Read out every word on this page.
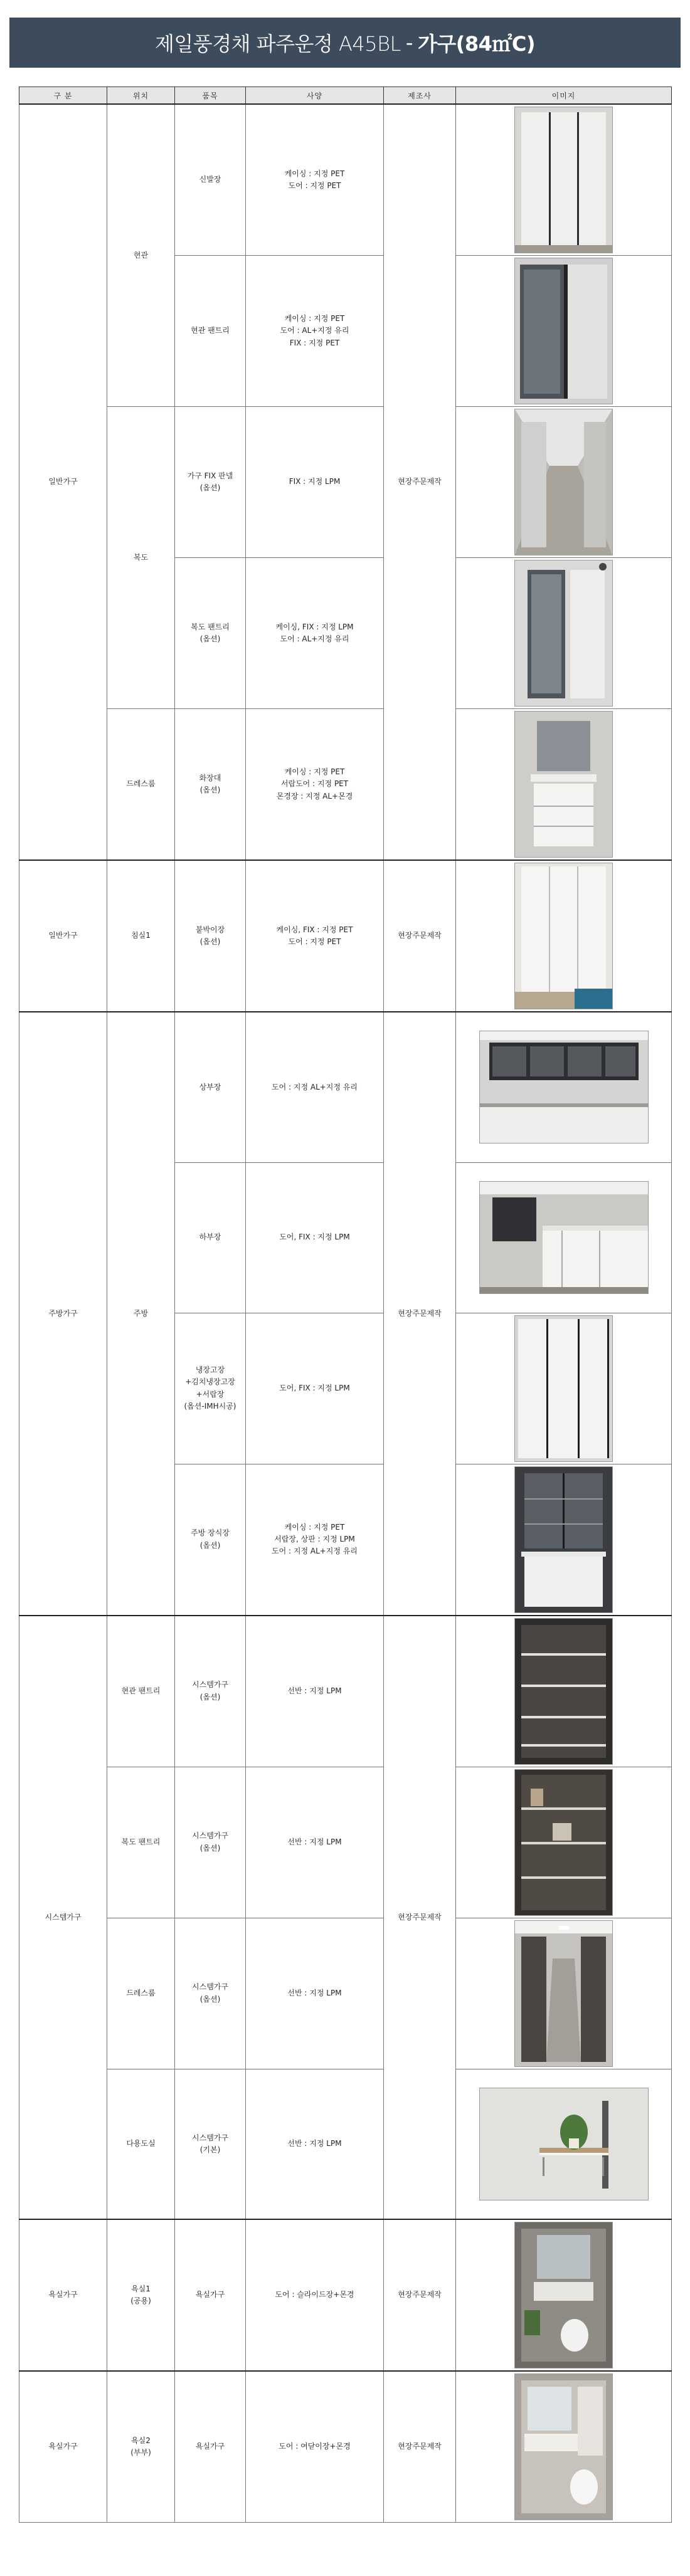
제일풍경채 파주운정 A45BL - 가구(84㎡C)
구 분	위치	품목	사양	제조사	이미지
일반가구	현관	신발장	케이싱 : 지정 PET
도어 : 지정 PET	현장주문제작	

		현관 팬트리	케이싱 : 지정 PET
도어 : AL+지정 유리
FIX : 지정 PET	

	복도	가구 FIX 판넬
(옵션)	FIX : 지정 LPM	

		복도 팬트리
(옵션)	케이싱, FIX : 지정 LPM
도어 : AL+지정 유리	

	드레스룸	화장대
(옵션)	케이싱 : 지정 PET
서랍도어 : 지정 PET
몬경장 : 지정 AL+몬경	

일반가구	침실1	붙박이장
(옵션)	케이싱, FIX : 지정 PET
도어 : 지정 PET	현장주문제작	

주방가구	주방	상부장	도어 : 지정 AL+지정 유리	현장주문제작	

		하부장	도어, FIX : 지정 LPM	

		냉장고장
+김치냉장고장
+서랍장
(옵션-IMH시공)	도어, FIX : 지정 LPM	

		주방 장식장
(옵션)	케이싱 : 지정 PET
서랍장, 상판 : 지정 LPM
도어 : 지정 AL+지정 유리	

시스템가구	현관 팬트리	시스템가구
(옵션)	선반 : 지정 LPM	현장주문제작	

	복도 팬트리	시스템가구
(옵션)	선반 : 지정 LPM	

	드레스룸	시스템가구
(옵션)	선반 : 지정 LPM	

	다용도실	시스템가구
(기본)	선반 : 지정 LPM	

욕실가구	욕실1
(공용)	욕실가구	도어 : 슬라이드장+몬경	현장주문제작	

욕실가구	욕실2
(부부)	욕실가구	도어 : 여닫이장+몬경	현장주문제작	
